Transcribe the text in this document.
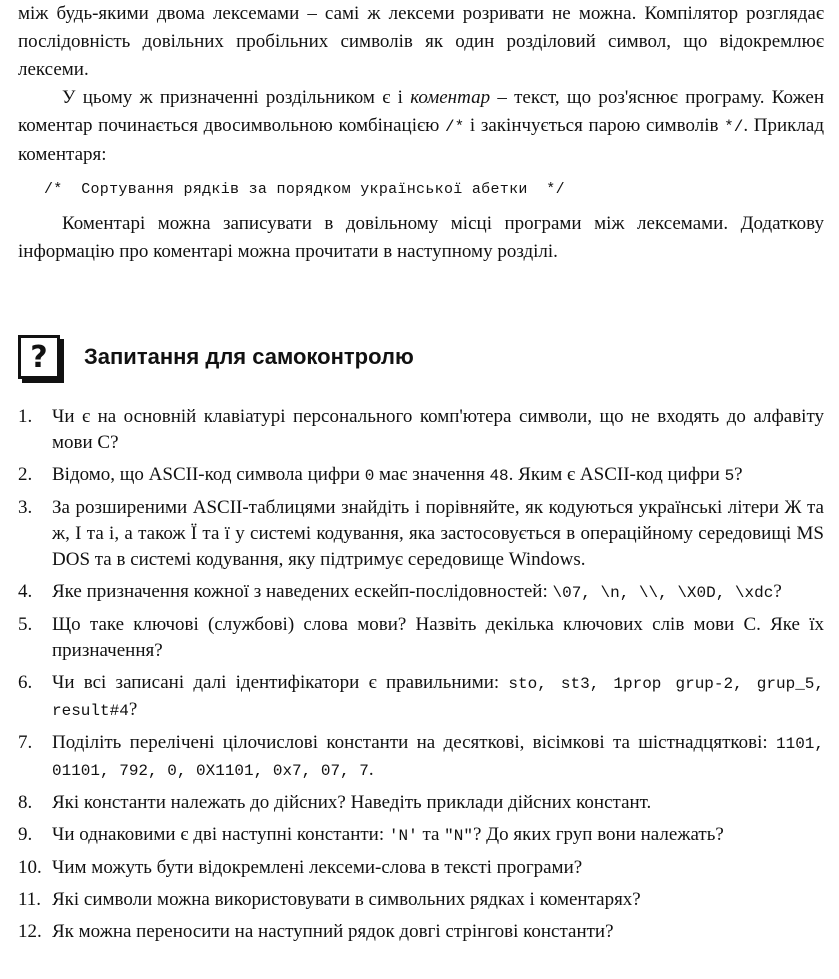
між будь-якими двома лексемами – самі ж лексеми розривати не можна. Компілятор розглядає послідовність довільних пробільних символів як один розділовий символ, що відокремлює лексеми.

У цьому ж призначенні роздільником є і коментар – текст, що роз'яснює програму. Кожен коментар починається двосимвольною комбінацією /* і закінчується парою символів */. Приклад коментаря:

/*  Сортування рядків за порядком української абетки  */

Коментарі можна записувати в довільному місці програми між лексемами. Додаткову інформацію про коментарі можна прочитати в наступному розділі.

?	Запитання для самоконтролю
1.	Чи є на основній клавіатурі персонального комп'ютера символи, що не входять до алфавіту мови С?
2.	Відомо, що ASCII-код символа цифри 0 має значення 48. Яким є ASCII-код цифри 5?
3.	За розширеними ASCII-таблицями знайдіть і порівняйте, як кодуються українські літери Ж та ж, І та і, а також Ї та ї у системі кодування, яка застосовується в операційному середовищі MS DOS та в системі кодування, яку підтримує середовище Windows.
4.	Яке призначення кожної з наведених ескейп-послідовностей: \07, \n, \\, \X0D, \xdc?
5.	Що таке ключові (службові) слова мови? Назвіть декілька ключових слів мови С. Яке їх призначення?
6.	Чи всі записані далі ідентифікатори є правильними: sto, st3, 1prop grup-2, grup_5, result#4?
7.	Поділіть перелічені цілочислові константи на десяткові, вісімкові та шістнадцяткові: 1101, 01101, 792, 0, 0X1101, 0x7, 07, 7.
8.	Які константи належать до дійсних? Наведіть приклади дійсних констант.
9.	Чи однаковими є дві наступні константи: 'N' та "N"? До яких груп вони належать?
10. Чим можуть бути відокремлені лексеми-слова в тексті програми?
11. Які символи можна використовувати в символьних рядках і коментарях?
12. Як можна переносити на наступний рядок довгі стрінгові константи?
